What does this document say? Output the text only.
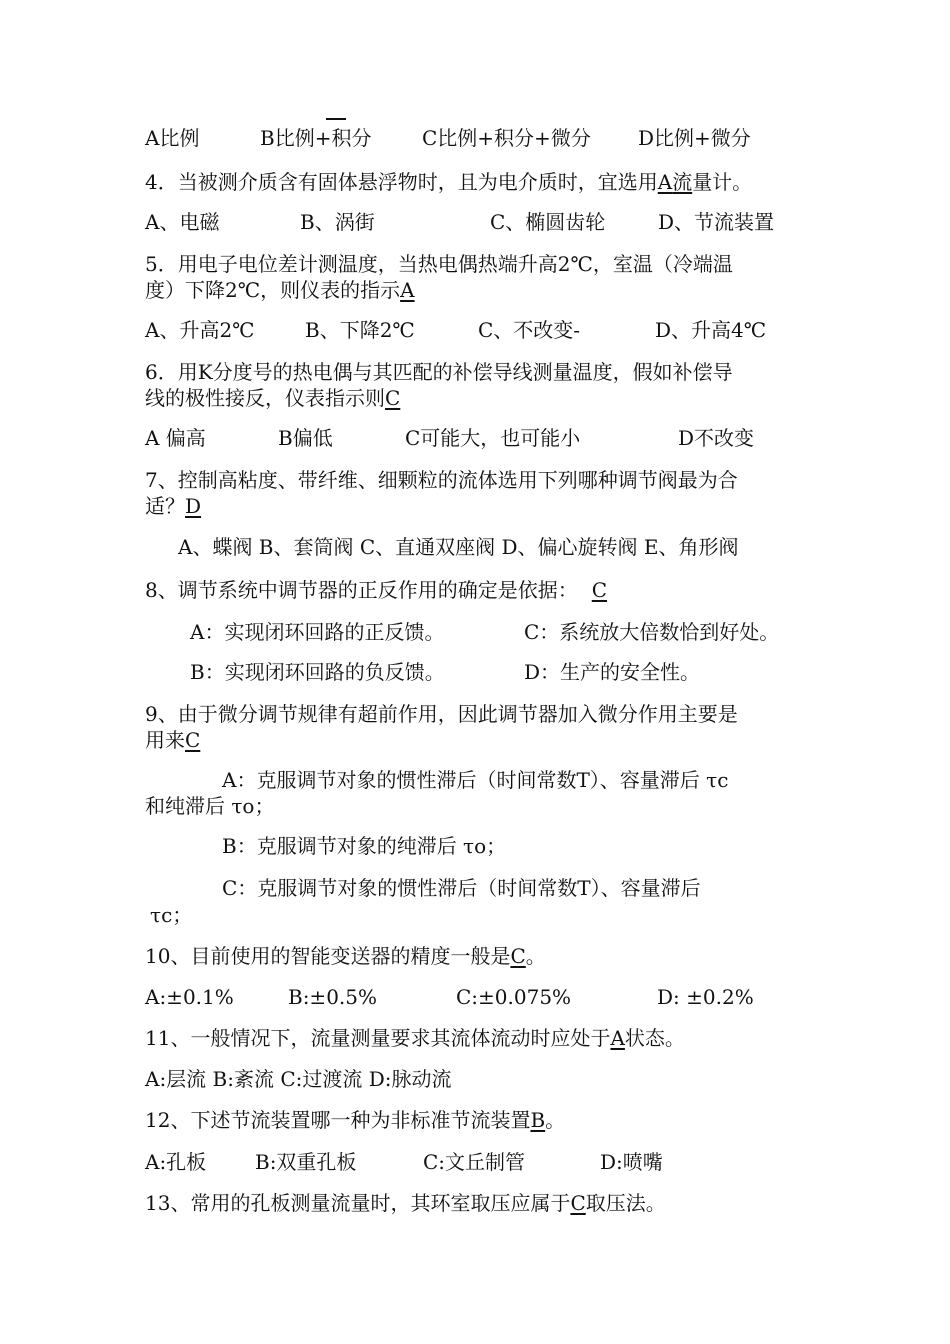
A比例	B比例+积分	C比例+积分+微分 D比例+微分
4．当被测介质含有固体悬浮物时，且为电介质时，宜选用A流量计。
A、电磁	B、涡街	C、椭圆齿轮	D、节流装置
5．用电子电位差计测温度，当热电偶热端升高2℃，室温（冷端温
度）下降2℃，则仪表的指示A
A、升高2℃	B、下降2℃	C、不改变-	D、升高4℃
6．用K分度号的热电偶与其匹配的补偿导线测量温度，假如补偿导
线的极性接反，仪表指示则C
A 偏高	B偏低	C可能大，也可能小	D不改变
7、控制高粘度、带纤维、细颗粒的流体选用下列哪种调节阀最为合
适？D
A、蝶阀 B、套筒阀 C、直通双座阀 D、偏心旋转阀 E、角形阀
8、调节系统中调节器的正反作用的确定是依据： C
A：实现闭环回路的正反馈。	C：系统放大倍数恰到好处。
B：实现闭环回路的负反馈。	D：生产的安全性。
9、由于微分调节规律有超前作用，因此调节器加入微分作用主要是
用来C
A：克服调节对象的惯性滞后（时间常数T）、容量滞后 τc
和纯滞后 τo；
B：克服调节对象的纯滞后 τo；
C：克服调节对象的惯性滞后（时间常数T）、容量滞后
τc；
10、目前使用的智能变送器的精度一般是C。
A:±0.1%	B:±0.5%	C:±0.075%	D: ±0.2%
11、一般情况下，流量测量要求其流体流动时应处于A状态。
A:层流 B:紊流 C:过渡流 D:脉动流
12、下述节流装置哪一种为非标准节流装置B。
A:孔板 B:双重孔板	C:文丘制管	D:喷嘴
13、常用的孔板测量流量时，其环室取压应属于C取压法。
